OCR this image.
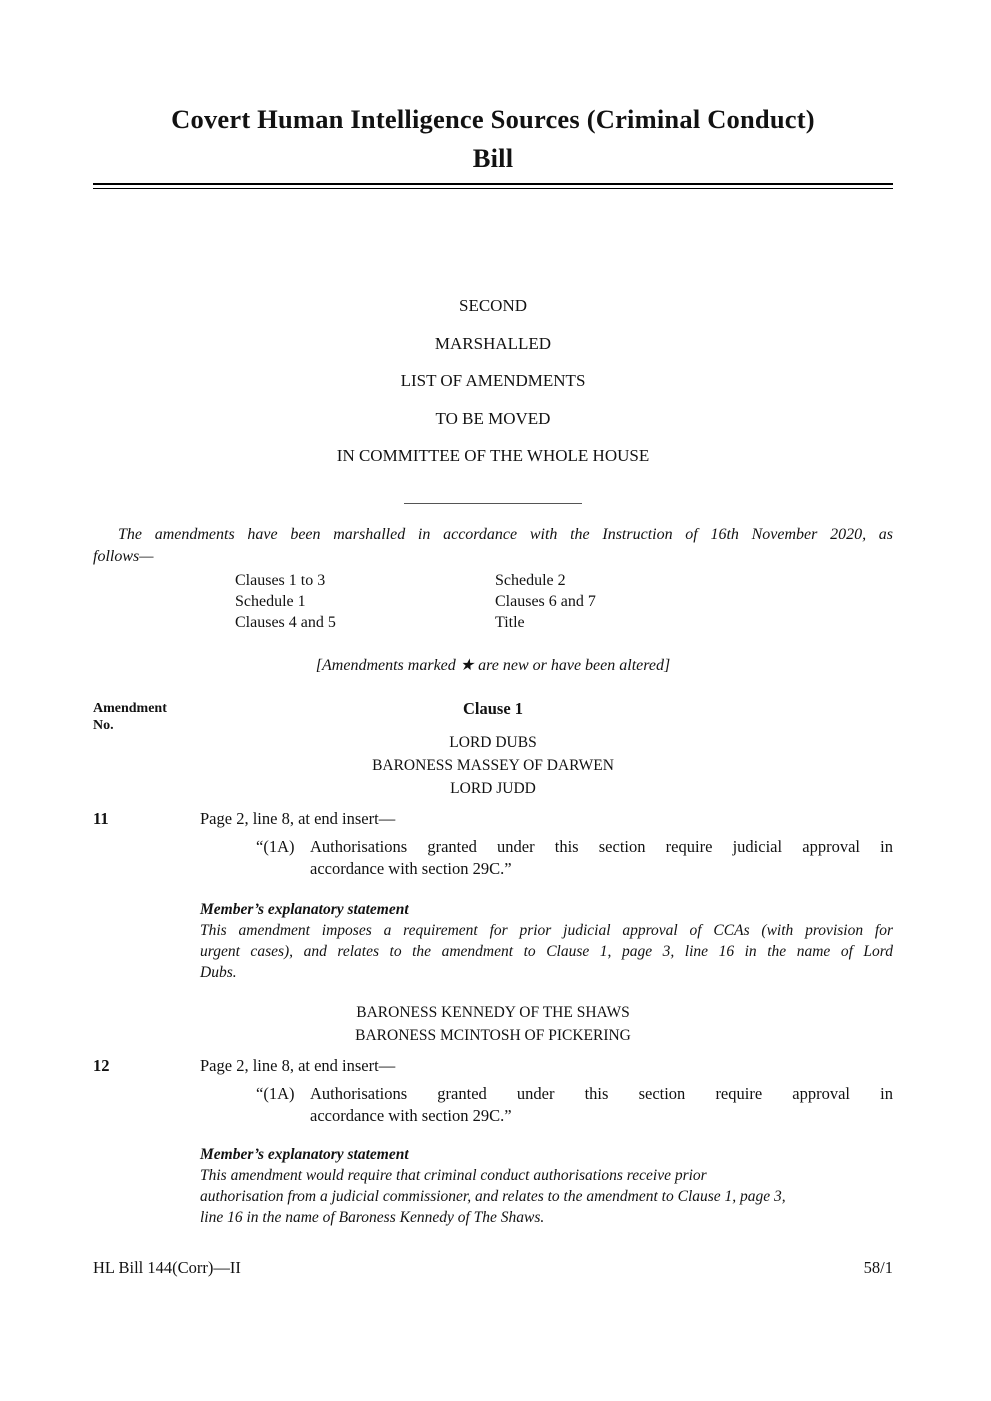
Covert Human Intelligence Sources (Criminal Conduct)
Bill
SECOND
MARSHALLED
LIST OF AMENDMENTS
TO BE MOVED
IN COMMITTEE OF THE WHOLE HOUSE
The amendments have been marshalled in accordance with the Instruction of 16th November 2020, as
follows—
Clauses 1 to 3	Schedule 2
Schedule 1	Clauses 6 and 7
Clauses 4 and 5	Title
[Amendments marked ★ are new or have been altered]
Amendment No.
Clause 1
LORD DUBS
BARONESS MASSEY OF DARWEN
LORD JUDD
11	Page 2, line 8, at end insert—
“(1A) Authorisations granted under this section require judicial approval in
accordance with section 29C.”
Member’s explanatory statement
This amendment imposes a requirement for prior judicial approval of CCAs (with provision for
urgent cases), and relates to the amendment to Clause 1, page 3, line 16 in the name of Lord
Dubs.
BARONESS KENNEDY OF THE SHAWS
BARONESS MCINTOSH OF PICKERING
12	Page 2, line 8, at end insert—
“(1A) Authorisations granted under this section require approval in
accordance with section 29C.”
Member’s explanatory statement
This amendment would require that criminal conduct authorisations receive prior
authorisation from a judicial commissioner, and relates to the amendment to Clause 1, page 3,
line 16 in the name of Baroness Kennedy of The Shaws.
HL Bill 144(Corr)—II	58/1
